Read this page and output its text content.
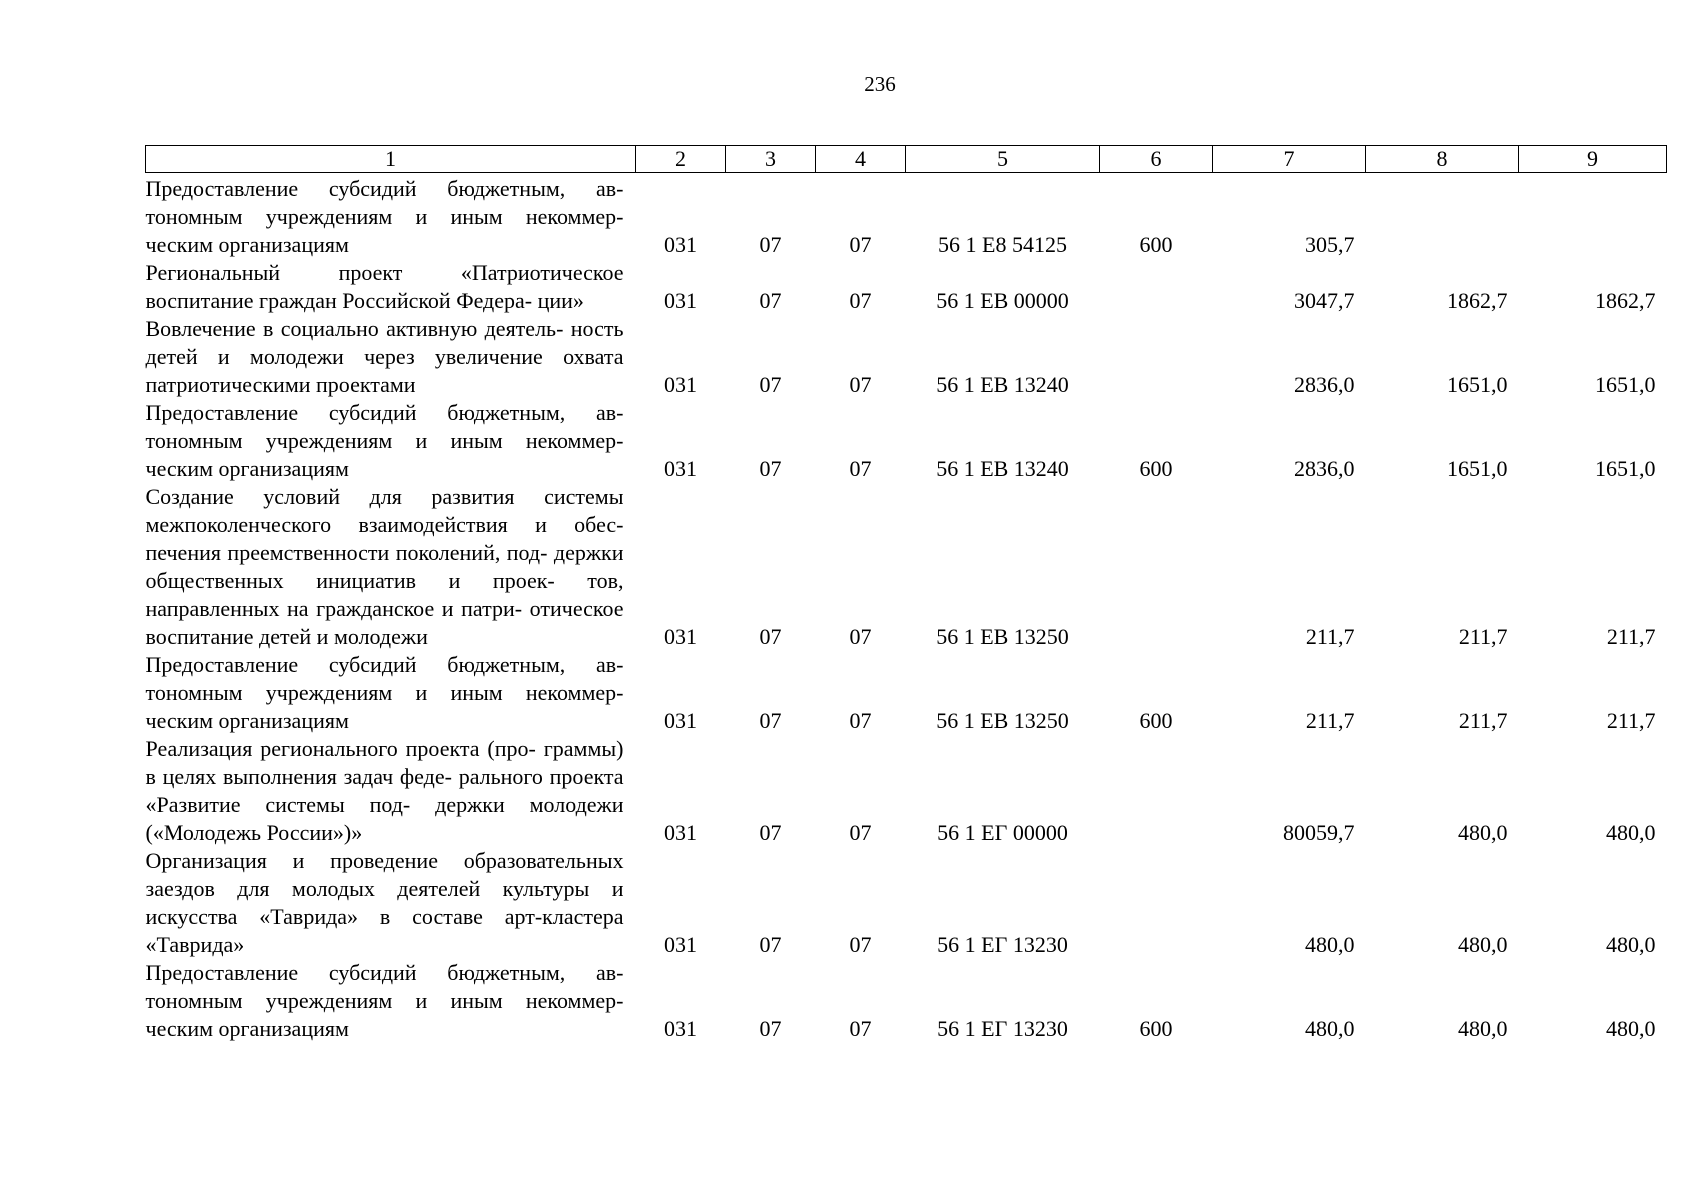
236
1	2	3	4	5	6	7	8	9
Предоставление субсидий бюджетным, ав- тономным учреждениям и иным некоммер- ческим организациям	031	07	07	56 1 Е8 54125	600	305,7		
Региональный проект «Патриотическое воспитание граждан Российской Федера- ции»	031	07	07	56 1 ЕВ 00000		3047,7	1862,7	1862,7
Вовлечение в социально активную деятель- ность детей и молодежи через увеличение охвата патриотическими проектами	031	07	07	56 1 ЕВ 13240		2836,0	1651,0	1651,0
Предоставление субсидий бюджетным, ав- тономным учреждениям и иным некоммер- ческим организациям	031	07	07	56 1 ЕВ 13240	600	2836,0	1651,0	1651,0
Создание условий для развития системы межпоколенческого взаимодействия и обес- печения преемственности поколений, под- держки общественных инициатив и проек- тов, направленных на гражданское и патри- отическое воспитание детей и молодежи	031	07	07	56 1 ЕВ 13250		211,7	211,7	211,7
Предоставление субсидий бюджетным, ав- тономным учреждениям и иным некоммер- ческим организациям	031	07	07	56 1 ЕВ 13250	600	211,7	211,7	211,7
Реализация регионального проекта (про- граммы) в целях выполнения задач феде- рального проекта «Развитие системы под- держки молодежи («Молодежь России»)»	031	07	07	56 1 ЕГ 00000		80059,7	480,0	480,0
Организация и проведение образовательных заездов для молодых деятелей культуры и искусства «Таврида» в составе арт-кластера «Таврида»	031	07	07	56 1 ЕГ 13230		480,0	480,0	480,0
Предоставление субсидий бюджетным, ав- тономным учреждениям и иным некоммер- ческим организациям	031	07	07	56 1 ЕГ 13230	600	480,0	480,0	480,0
